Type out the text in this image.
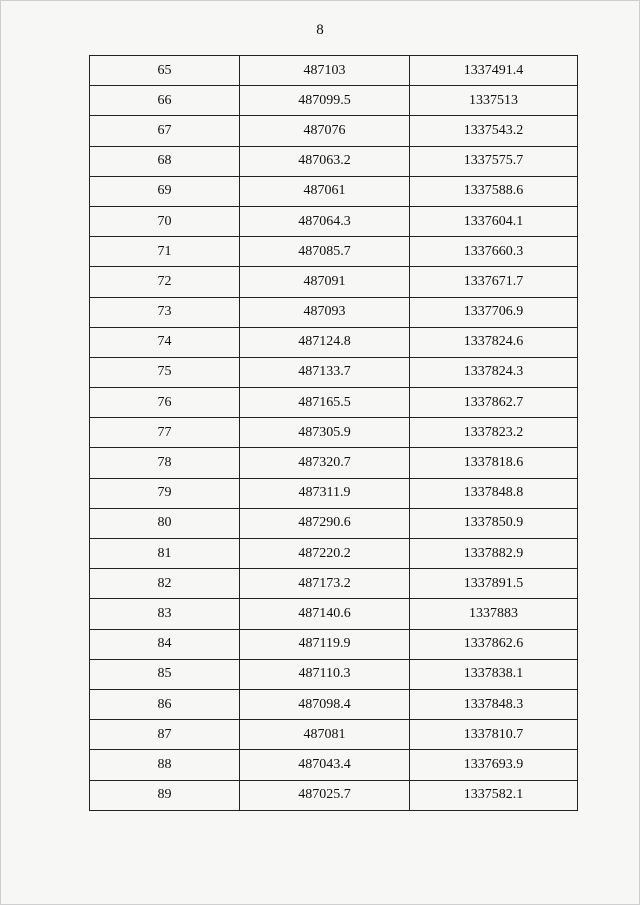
8
65	487103	1337491.4
66	487099.5	1337513
67	487076	1337543.2
68	487063.2	1337575.7
69	487061	1337588.6
70	487064.3	1337604.1
71	487085.7	1337660.3
72	487091	1337671.7
73	487093	1337706.9
74	487124.8	1337824.6
75	487133.7	1337824.3
76	487165.5	1337862.7
77	487305.9	1337823.2
78	487320.7	1337818.6
79	487311.9	1337848.8
80	487290.6	1337850.9
81	487220.2	1337882.9
82	487173.2	1337891.5
83	487140.6	1337883
84	487119.9	1337862.6
85	487110.3	1337838.1
86	487098.4	1337848.3
87	487081	1337810.7
88	487043.4	1337693.9
89	487025.7	1337582.1
